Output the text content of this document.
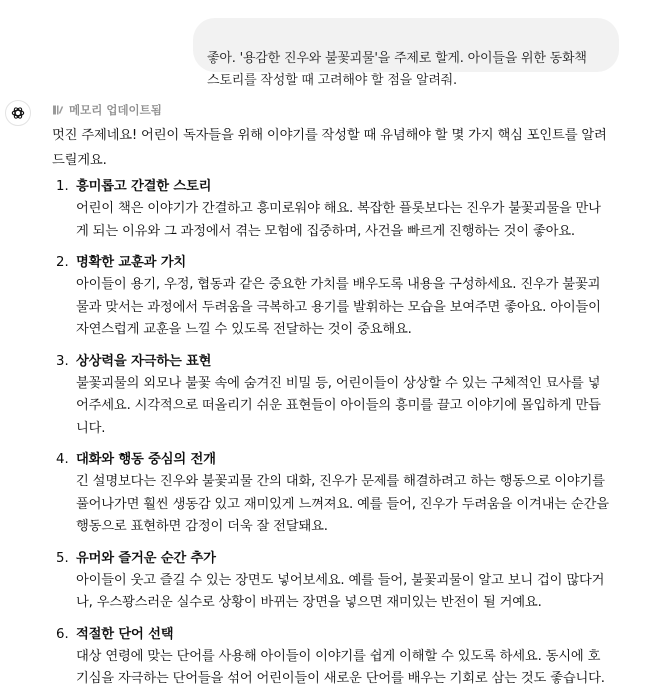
좋아. '용감한 진우와 불꽃괴물'을 주제로 할게. 아이들을 위한 동화책
스토리를 작성할 때 고려해야 할 점을 알려줘.

메모리 업데이트됨
멋진 주제네요! 어린이 독자들을 위해 이야기를 작성할 때 유념해야 할 몇 가지 핵심 포인트를 알려
드릴게요.
1. 흥미롭고 간결한 스토리
어린이 책은 이야기가 간결하고 흥미로워야 해요. 복잡한 플롯보다는 진우가 불꽃괴물을 만나
게 되는 이유와 그 과정에서 겪는 모험에 집중하며, 사건을 빠르게 진행하는 것이 좋아요.
2. 명확한 교훈과 가치
아이들이 용기, 우정, 협동과 같은 중요한 가치를 배우도록 내용을 구성하세요. 진우가 불꽃괴
물과 맞서는 과정에서 두려움을 극복하고 용기를 발휘하는 모습을 보여주면 좋아요. 아이들이
자연스럽게 교훈을 느낄 수 있도록 전달하는 것이 중요해요.
3. 상상력을 자극하는 표현
불꽃괴물의 외모나 불꽃 속에 숨겨진 비밀 등, 어린이들이 상상할 수 있는 구체적인 묘사를 넣
어주세요. 시각적으로 떠올리기 쉬운 표현들이 아이들의 흥미를 끌고 이야기에 몰입하게 만듭
니다.
4. 대화와 행동 중심의 전개
긴 설명보다는 진우와 불꽃괴물 간의 대화, 진우가 문제를 해결하려고 하는 행동으로 이야기를
풀어나가면 훨씬 생동감 있고 재미있게 느껴져요. 예를 들어, 진우가 두려움을 이겨내는 순간을
행동으로 표현하면 감정이 더욱 잘 전달돼요.
5. 유머와 즐거운 순간 추가
아이들이 웃고 즐길 수 있는 장면도 넣어보세요. 예를 들어, 불꽃괴물이 알고 보니 겁이 많다거
나, 우스꽝스러운 실수로 상황이 바뀌는 장면을 넣으면 재미있는 반전이 될 거예요.
6. 적절한 단어 선택
대상 연령에 맞는 단어를 사용해 아이들이 이야기를 쉽게 이해할 수 있도록 하세요. 동시에 호
기심을 자극하는 단어들을 섞어 어린이들이 새로운 단어를 배우는 기회로 삼는 것도 좋습니다.
